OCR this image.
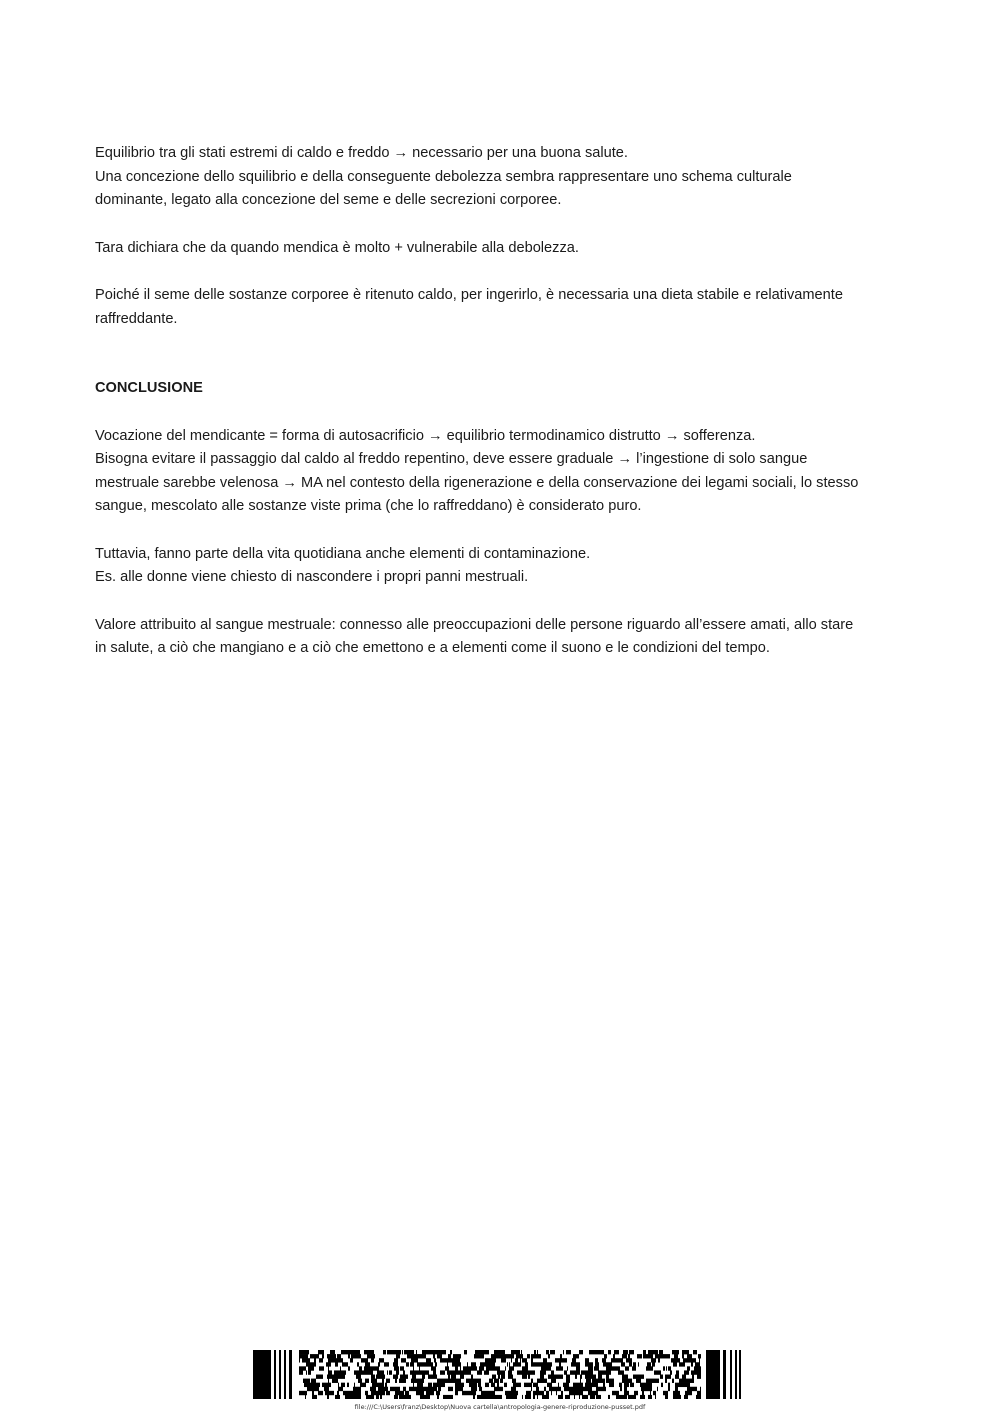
Equilibrio tra gli stati estremi di caldo e freddo → necessario per una buona salute.
Una concezione dello squilibrio e della conseguente debolezza sembra rappresentare uno schema culturale
dominante, legato alla concezione del seme e delle secrezioni corporee.

Tara dichiara che da quando mendica è molto + vulnerabile alla debolezza.

Poiché il seme delle sostanze corporee è ritenuto caldo, per ingerirlo, è necessaria una dieta stabile e relativamente
raffreddante.

CONCLUSIONE

Vocazione del mendicante = forma di autosacrificio → equilibrio termodinamico distrutto → sofferenza.
Bisogna evitare il passaggio dal caldo al freddo repentino, deve essere graduale → l’ingestione di solo sangue
mestruale sarebbe velenosa → MA nel contesto della rigenerazione e della conservazione dei legami sociali, lo stesso
sangue, mescolato alle sostanze viste prima (che lo raffreddano) è considerato puro.

Tuttavia, fanno parte della vita quotidiana anche elementi di contaminazione.
Es. alle donne viene chiesto di nascondere i propri panni mestruali.

Valore attribuito al sangue mestruale: connesso alle preoccupazioni delle persone riguardo all’essere amati, allo stare
in salute, a ciò che mangiano e a ciò che emettono e a elementi come il suono e le condizioni del tempo.

file:///C:\Users\franz\Desktop\Nuova cartella\antropologia-genere-riproduzione-pusset.pdf
